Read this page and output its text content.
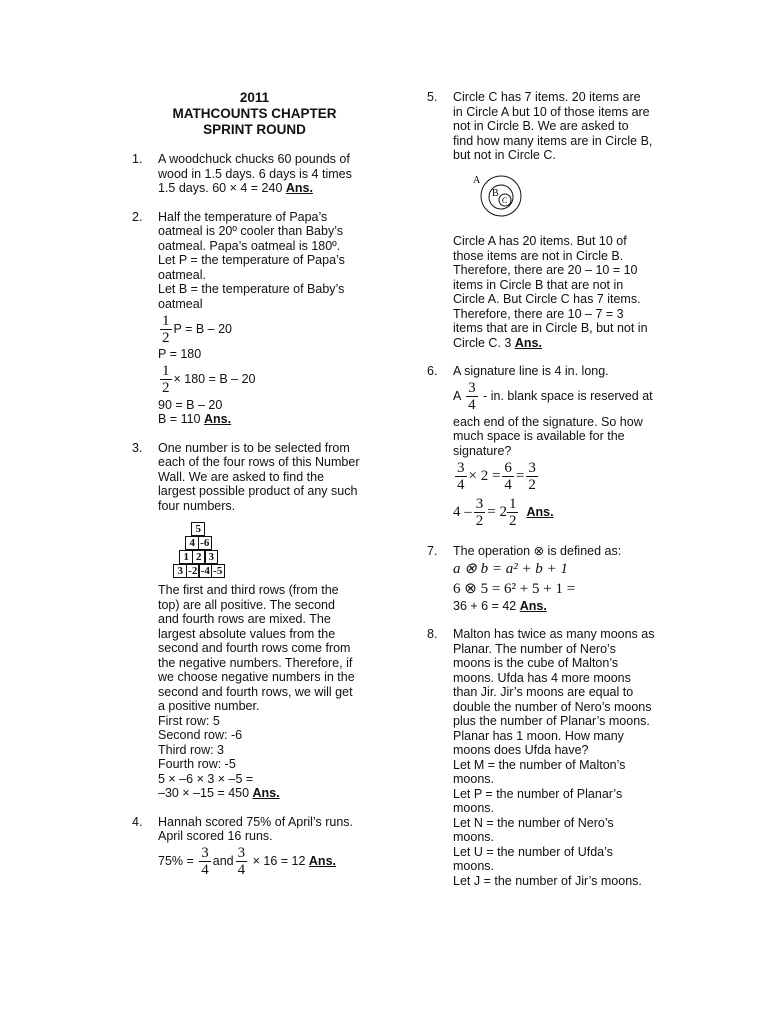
2011
MATHCOUNTS CHAPTER
SPRINT ROUND
1. A woodchuck chucks 60 pounds of
wood in 1.5 days. 6 days is 4 times
1.5 days. 60 × 4 = 240 Ans.
2. Half the temperature of Papa’s
oatmeal is 20º cooler than Baby’s
oatmeal. Papa’s oatmeal is 180º.
Let P = the temperature of Papa’s
oatmeal.
Let B = the temperature of Baby’s
oatmeal
$\frac{1}{2}$ P = B – 20
P = 180
$\frac{1}{2} \times 180 = B - 20$
90 = B – 20
B = 110 Ans.
3. One number is to be selected from
each of the four rows of this Number
Wall. We are asked to find the
largest possible product of any such
four numbers.
5
4 -6
1 2 3
3 -2 -4 -5
The first and third rows (from the
top) are all positive. The second
and fourth rows are mixed. The
largest absolute values from the
second and fourth rows come from
the negative numbers. Therefore, if
we choose negative numbers in the
second and fourth rows, we will get
a positive number.
First row: 5
Second row: -6
Third row: 3
Fourth row: -5
5 × –6 × 3 × –5 =
–30 × –15 = 450 Ans.
4. Hannah scored 75% of April’s runs.
April scored 16 runs.
$75\% = \frac{3}{4}$ and $\frac{3}{4} \times 16 = 12$ Ans.
5. Circle C has 7 items. 20 items are
in Circle A but 10 of those items are
not in Circle B. We are asked to
find how many items are in Circle B,
but not in Circle C.
A
B
C
Circle A has 20 items. But 10 of
those items are not in Circle B.
Therefore, there are 20 – 10 = 10
items in Circle B that are not in
Circle A. But Circle C has 7 items.
Therefore, there are 10 – 7 = 3
items that are in Circle B, but not in
Circle C. 3 Ans.
6. A signature line is 4 in. long.
A $\frac{3}{4}$ - in. blank space is reserved at
each end of the signature. So how
much space is available for the
signature?
$\frac{3}{4} \times 2 = \frac{6}{4} = \frac{3}{2}$
$4 - \frac{3}{2} = 2 \frac{1}{2}$ Ans.
7. The operation ⊗ is defined as:
a ⊗ b = a² + b + 1
6 ⊗ 5 = 6² + 5 + 1 =
36 + 6 = 42 Ans.
8. Malton has twice as many moons as
Planar. The number of Nero’s
moons is the cube of Malton’s
moons. Ufda has 4 more moons
than Jir. Jir’s moons are equal to
double the number of Nero’s moons
plus the number of Planar’s moons.
Planar has 1 moon. How many
moons does Ufda have?
Let M = the number of Malton’s
moons.
Let P = the number of Planar’s
moons.
Let N = the number of Nero’s
moons.
Let U = the number of Ufda’s
moons.
Let J = the number of Jir’s moons.
